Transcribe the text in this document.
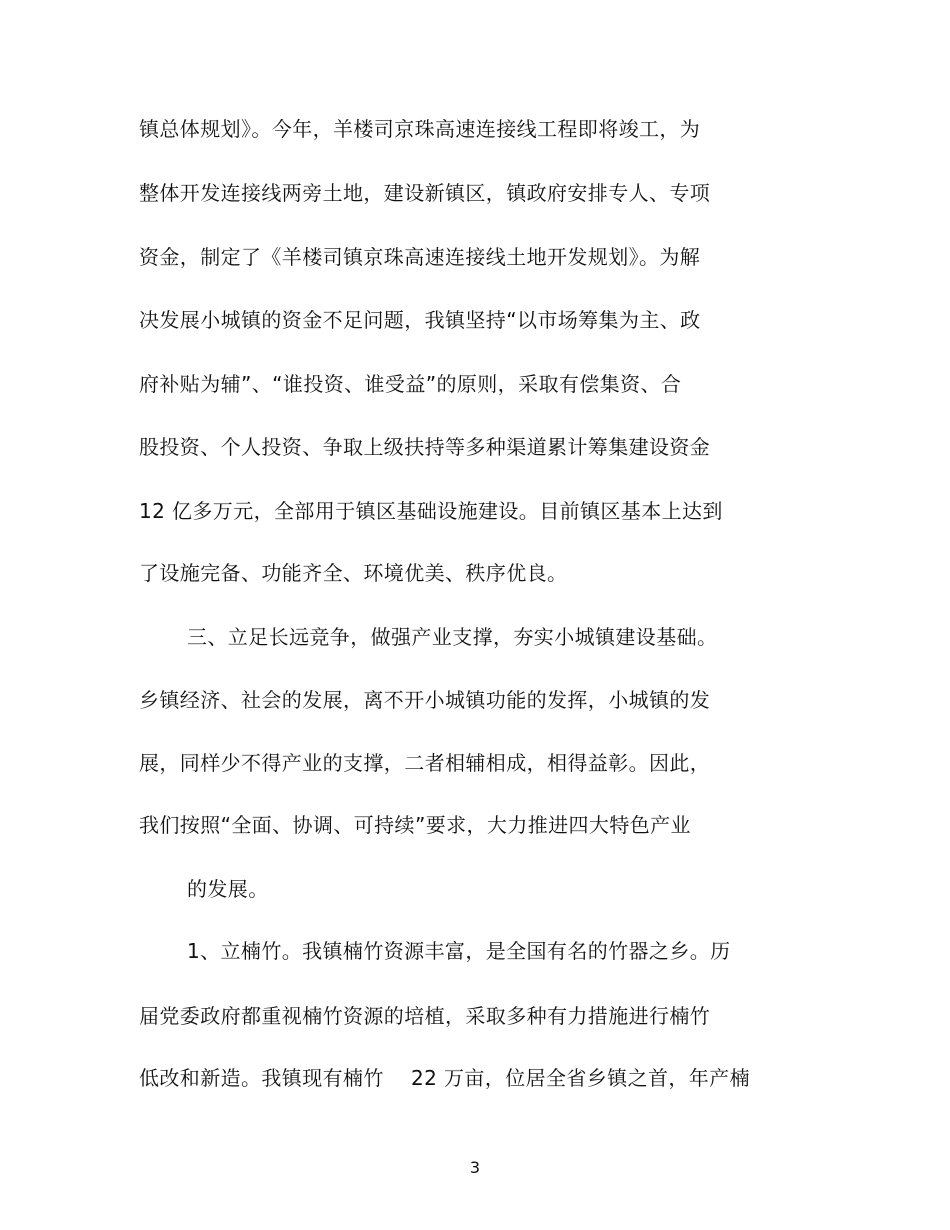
镇总体规划》。今年，羊楼司京珠高速连接线工程即将竣工，为
整体开发连接线两旁土地，建设新镇区，镇政府安排专人、专项
资金，制定了《羊楼司镇京珠高速连接线土地开发规划》。为解
决发展小城镇的资金不足问题，我镇坚持“以市场筹集为主、政
府补贴为辅”、“谁投资、谁受益”的原则，采取有偿集资、合
股投资、个人投资、争取上级扶持等多种渠道累计筹集建设资金
12 亿多万元，全部用于镇区基础设施建设。目前镇区基本上达到
了设施完备、功能齐全、环境优美、秩序优良。
三、立足长远竞争，做强产业支撑，夯实小城镇建设基础。
乡镇经济、社会的发展，离不开小城镇功能的发挥，小城镇的发
展，同样少不得产业的支撑，二者相辅相成，相得益彰。因此，
我们按照“全面、协调、可持续”要求，大力推进四大特色产业
的发展。
1、立楠竹。我镇楠竹资源丰富，是全国有名的竹器之乡。历
届党委政府都重视楠竹资源的培植，采取多种有力措施进行楠竹
低改和新造。我镇现有楠竹　 22 万亩，位居全省乡镇之首，年产楠
3
